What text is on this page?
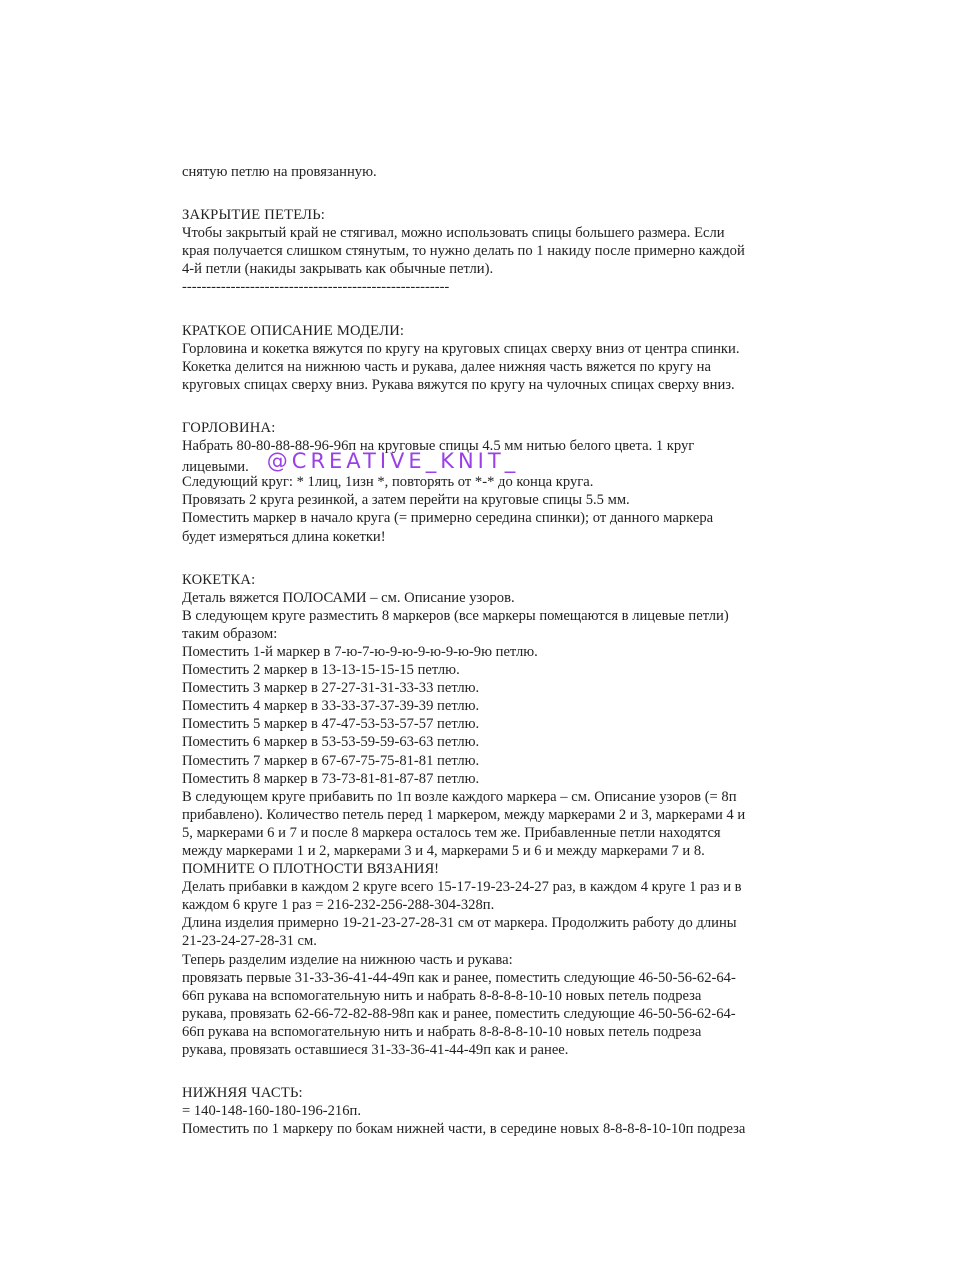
снятую петлю на провязанную.
ЗАКРЫТИЕ ПЕТЕЛЬ:
Чтобы закрытый край не стягивал, можно использовать спицы большего размера. Если
края получается слишком стянутым, то нужно делать по 1 накиду после примерно каждой
4-й петли (накиды закрывать как обычные петли).
-------------------------------------------------------
КРАТКОЕ ОПИСАНИЕ МОДЕЛИ:
Горловина и кокетка вяжутся по кругу на круговых спицах сверху вниз от центра спинки.
Кокетка делится на нижнюю часть и рукава, далее нижняя часть вяжется по кругу на
круговых спицах сверху вниз. Рукава вяжутся по кругу на чулочных спицах сверху вниз.
ГОРЛОВИНА:
Набрать 80-80-88-88-96-96п на круговые спицы 4.5 мм нитью белого цвета. 1 круг
лицевыми. @CREATIVE_KNIT_
Следующий круг: * 1лиц, 1изн *, повторять от *-* до конца круга.
Провязать 2 круга резинкой, а затем перейти на круговые спицы 5.5 мм.
Поместить маркер в начало круга (= примерно середина спинки); от данного маркера
будет измеряться длина кокетки!
КОКЕТКА:
Деталь вяжется ПОЛОСАМИ – см. Описание узоров.
В следующем круге разместить 8 маркеров (все маркеры помещаются в лицевые петли)
таким образом:
Поместить 1-й маркер в 7-ю-7-ю-9-ю-9-ю-9-ю-9ю петлю.
Поместить 2 маркер в 13-13-15-15-15 петлю.
Поместить 3 маркер в 27-27-31-31-33-33 петлю.
Поместить 4 маркер в 33-33-37-37-39-39 петлю.
Поместить 5 маркер в 47-47-53-53-57-57 петлю.
Поместить 6 маркер в 53-53-59-59-63-63 петлю.
Поместить 7 маркер в 67-67-75-75-81-81 петлю.
Поместить 8 маркер в 73-73-81-81-87-87 петлю.
В следующем круге прибавить по 1п возле каждого маркера – см. Описание узоров (= 8п
прибавлено). Количество петель перед 1 маркером, между маркерами 2 и 3, маркерами 4 и
5, маркерами 6 и 7 и после 8 маркера осталось тем же. Прибавленные петли находятся
между маркерами 1 и 2, маркерами 3 и 4, маркерами 5 и 6 и между маркерами 7 и 8.
ПОМНИТЕ О ПЛОТНОСТИ ВЯЗАНИЯ!
Делать прибавки в каждом 2 круге всего 15-17-19-23-24-27 раз, в каждом 4 круге 1 раз и в
каждом 6 круге 1 раз = 216-232-256-288-304-328п.
Длина изделия примерно 19-21-23-27-28-31 см от маркера. Продолжить работу до длины
21-23-24-27-28-31 см.
Теперь разделим изделие на нижнюю часть и рукава:
провязать первые 31-33-36-41-44-49п как и ранее, поместить следующие 46-50-56-62-64-
66п рукава на вспомогательную нить и набрать 8-8-8-8-10-10 новых петель подреза
рукава, провязать 62-66-72-82-88-98п как и ранее, поместить следующие 46-50-56-62-64-
66п рукава на вспомогательную нить и набрать 8-8-8-8-10-10 новых петель подреза
рукава, провязать оставшиеся 31-33-36-41-44-49п как и ранее.
НИЖНЯЯ ЧАСТЬ:
= 140-148-160-180-196-216п.
Поместить по 1 маркеру по бокам нижней части, в середине новых 8-8-8-8-10-10п подреза
